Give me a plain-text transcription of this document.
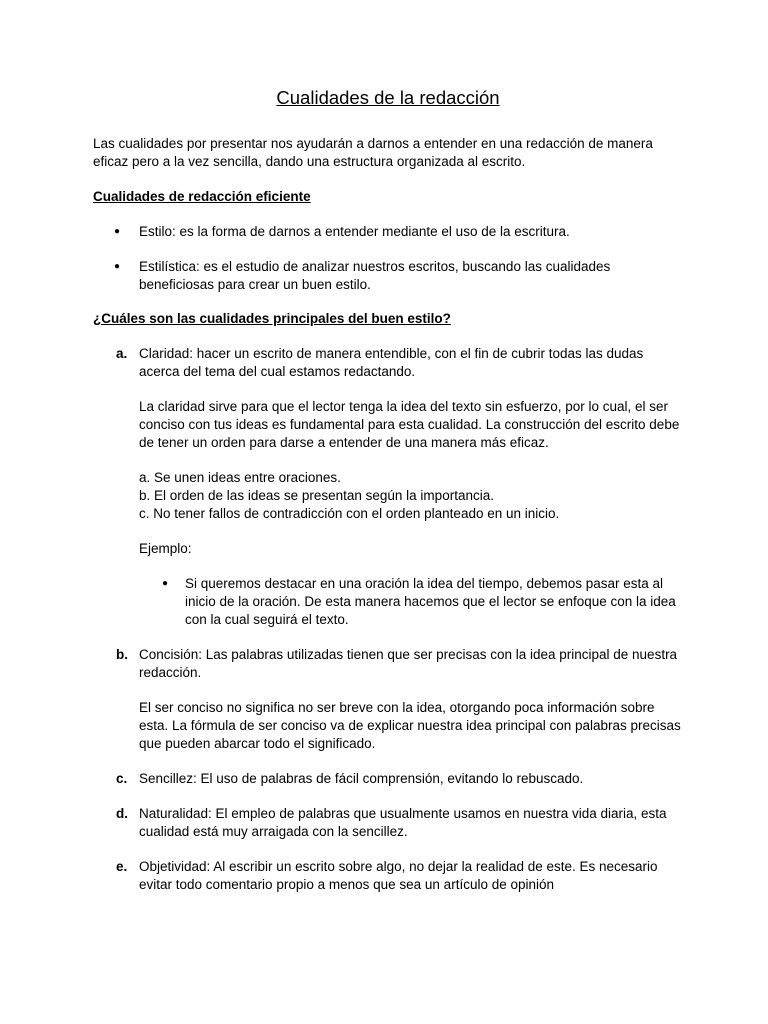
Cualidades de la redacción

Las cualidades por presentar nos ayudarán a darnos a entender en una redacción de manera eficaz pero a la vez sencilla, dando una estructura organizada al escrito.

Cualidades de redacción eficiente

● Estilo: es la forma de darnos a entender mediante el uso de la escritura.

● Estilística: es el estudio de analizar nuestros escritos, buscando las cualidades beneficiosas para crear un buen estilo.

¿Cuáles son las cualidades principales del buen estilo?

a. Claridad: hacer un escrito de manera entendible, con el fin de cubrir todas las dudas acerca del tema del cual estamos redactando.

La claridad sirve para que el lector tenga la idea del texto sin esfuerzo, por lo cual, el ser conciso con tus ideas es fundamental para esta cualidad. La construcción del escrito debe de tener un orden para darse a entender de una manera más eficaz.

a. Se unen ideas entre oraciones.

b. El orden de las ideas se presentan según la importancia.

c. No tener fallos de contradicción con el orden planteado en un inicio.

Ejemplo:

● Si queremos destacar en una oración la idea del tiempo, debemos pasar esta al inicio de la oración. De esta manera hacemos que el lector se enfoque con la idea con la cual seguirá el texto.

b. Concisión: Las palabras utilizadas tienen que ser precisas con la idea principal de nuestra redacción.

El ser conciso no significa no ser breve con la idea, otorgando poca información sobre esta. La fórmula de ser conciso va de explicar nuestra idea principal con palabras precisas que pueden abarcar todo el significado.

c. Sencillez: El uso de palabras de fácil comprensión, evitando lo rebuscado.

d. Naturalidad: El empleo de palabras que usualmente usamos en nuestra vida diaria, esta cualidad está muy arraigada con la sencillez.

e. Objetividad: Al escribir un escrito sobre algo, no dejar la realidad de este. Es necesario evitar todo comentario propio a menos que sea un artículo de opinión
